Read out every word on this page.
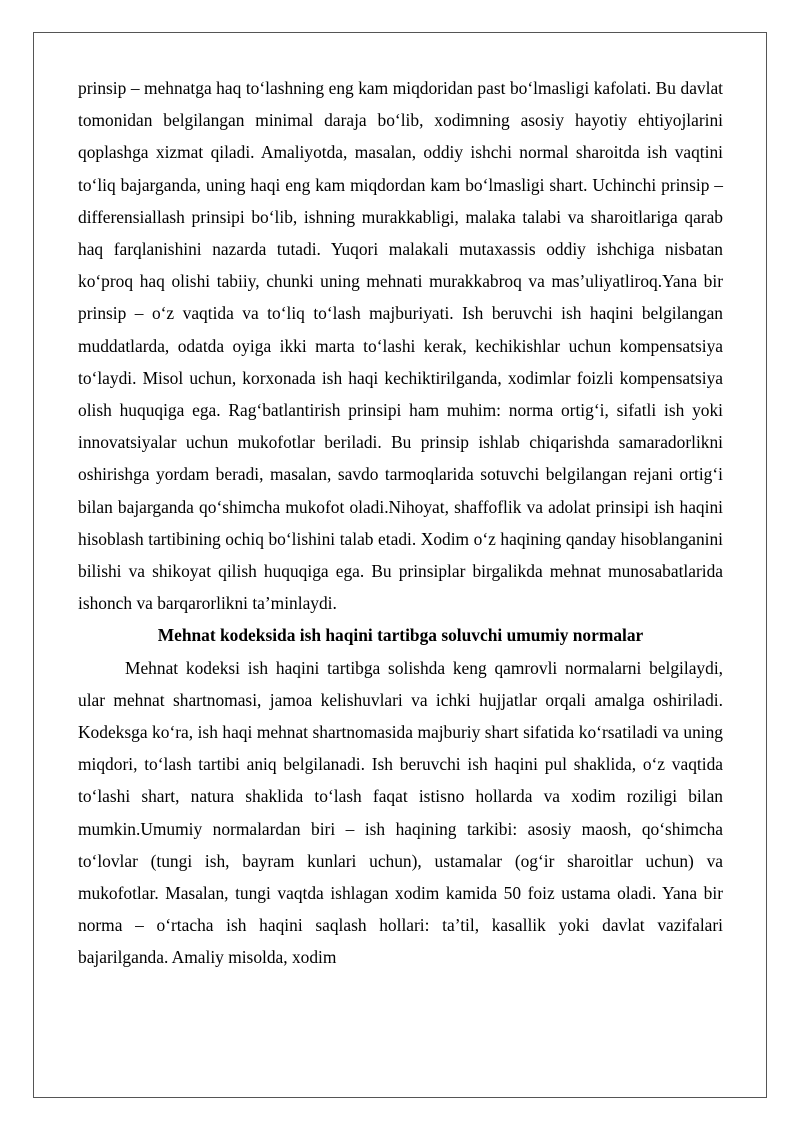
prinsip – mehnatga haq to‘lashning eng kam miqdoridan past bo‘lmasligi kafolati. Bu davlat tomonidan belgilangan minimal daraja bo‘lib, xodimning asosiy hayotiy ehtiyojlarini qoplashga xizmat qiladi. Amaliyotda, masalan, oddiy ishchi normal sharoitda ish vaqtini to‘liq bajarganda, uning haqi eng kam miqdordan kam bo‘lmasligi shart. Uchinchi prinsip – differensiallash prinsipi bo‘lib, ishning murakkabligi, malaka talabi va sharoitlariga qarab haq farqlanishini nazarda tutadi. Yuqori malakali mutaxassis oddiy ishchiga nisbatan ko‘proq haq olishi tabiiy, chunki uning mehnati murakkabroq va mas’uliyatliroq.Yana bir prinsip – o‘z vaqtida va to‘liq to‘lash majburiyati. Ish beruvchi ish haqini belgilangan muddatlarda, odatda oyiga ikki marta to‘lashi kerak, kechikishlar uchun kompensatsiya to‘laydi. Misol uchun, korxonada ish haqi kechiktirilganda, xodimlar foizli kompensatsiya olish huquqiga ega. Rag‘batlantirish prinsipi ham muhim: norma ortig‘i, sifatli ish yoki innovatsiyalar uchun mukofotlar beriladi. Bu prinsip ishlab chiqarishda samaradorlikni oshirishga yordam beradi, masalan, savdo tarmoqlarida sotuvchi belgilangan rejani ortig‘i bilan bajarganda qo‘shimcha mukofot oladi.Nihoyat, shaffoflik va adolat prinsipi ish haqini hisoblash tartibining ochiq bo‘lishini talab etadi. Xodim o‘z haqining qanday hisoblanganini bilishi va shikoyat qilish huquqiga ega. Bu prinsiplar birgalikda mehnat munosabatlarida ishonch va barqarorlikni ta’minlaydi.

Mehnat kodeksida ish haqini tartibga soluvchi umumiy normalar

Mehnat kodeksi ish haqini tartibga solishda keng qamrovli normalarni belgilaydi, ular mehnat shartnomasi, jamoa kelishuvlari va ichki hujjatlar orqali amalga oshiriladi. Kodeksga ko‘ra, ish haqi mehnat shartnomasida majburiy shart sifatida ko‘rsatiladi va uning miqdori, to‘lash tartibi aniq belgilanadi. Ish beruvchi ish haqini pul shaklida, o‘z vaqtida to‘lashi shart, natura shaklida to‘lash faqat istisno hollarda va xodim roziligi bilan mumkin.Umumiy normalardan biri – ish haqining tarkibi: asosiy maosh, qo‘shimcha to‘lovlar (tungi ish, bayram kunlari uchun), ustamalar (og‘ir sharoitlar uchun) va mukofotlar. Masalan, tungi vaqtda ishlagan xodim kamida 50 foiz ustama oladi. Yana bir norma – o‘rtacha ish haqini saqlash hollari: ta’til, kasallik yoki davlat vazifalari bajarilganda. Amaliy misolda, xodim
